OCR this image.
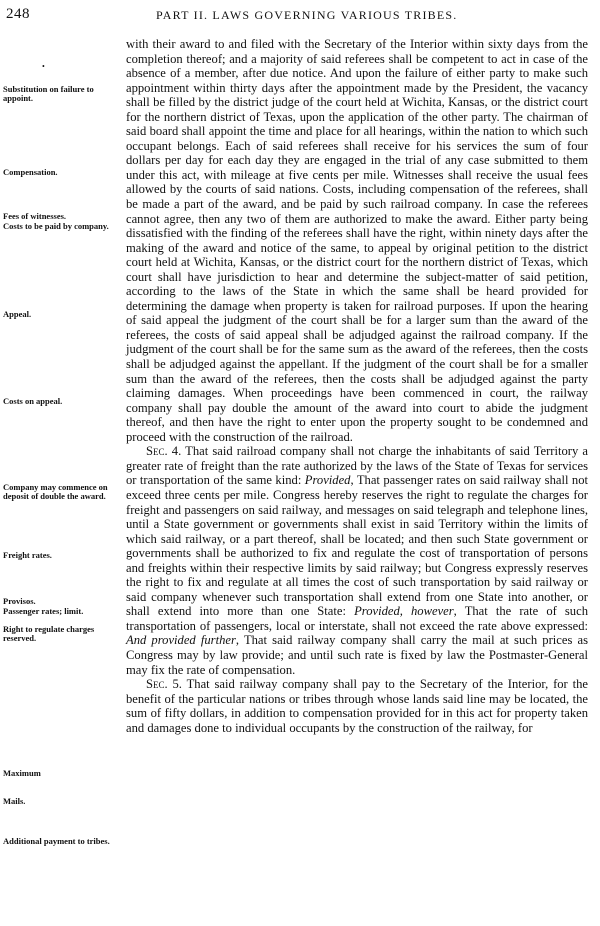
248	PART II. LAWS GOVERNING VARIOUS TRIBES.
•
Substitution on failure to appoint.
Compensation.
Fees of witnesses.
Costs to be paid by company.
Appeal.
Costs on appeal.
Company may commence on deposit of double the award.
Freight rates.
Provisos.
Passenger rates; limit.
Right to regulate charges reserved.
Maximum
Mails.
Additional payment to tribes.

with their award to and filed with the Secretary of the Interior within sixty days from the completion thereof; and a majority of said referees shall be competent to act in case of the absence of a member, after due notice. And upon the failure of either party to make such appointment within thirty days after the appointment made by the President, the vacancy shall be filled by the district judge of the court held at Wichita, Kansas, or the district court for the northern district of Texas, upon the application of the other party. The chairman of said board shall appoint the time and place for all hearings, within the nation to which such occupant belongs. Each of said referees shall receive for his services the sum of four dollars per day for each day they are engaged in the trial of any case submitted to them under this act, with mileage at five cents per mile. Witnesses shall receive the usual fees allowed by the courts of said nations. Costs, including compensation of the referees, shall be made a part of the award, and be paid by such railroad company. In case the referees cannot agree, then any two of them are authorized to make the award. Either party being dissatisfied with the finding of the referees shall have the right, within ninety days after the making of the award and notice of the same, to appeal by original petition to the district court held at Wichita, Kansas, or the district court for the northern district of Texas, which court shall have jurisdiction to hear and determine the subject-matter of said petition, according to the laws of the State in which the same shall be heard provided for determining the damage when property is taken for railroad purposes. If upon the hearing of said appeal the judgment of the court shall be for a larger sum than the award of the referees, the costs of said appeal shall be adjudged against the railroad company. If the judgment of the court shall be for the same sum as the award of the referees, then the costs shall be adjudged against the appellant. If the judgment of the court shall be for a smaller sum than the award of the referees, then the costs shall be adjudged against the party claiming damages. When proceedings have been commenced in court, the railway company shall pay double the amount of the award into court to abide the judgment thereof, and then have the right to enter upon the property sought to be condemned and proceed with the construction of the railroad.

Sec. 4. That said railroad company shall not charge the inhabitants of said Territory a greater rate of freight than the rate authorized by the laws of the State of Texas for services or transportation of the same kind: Provided, That passenger rates on said railway shall not exceed three cents per mile. Congress hereby reserves the right to regulate the charges for freight and passengers on said railway, and messages on said telegraph and telephone lines, until a State government or governments shall exist in said Territory within the limits of which said railway, or a part thereof, shall be located; and then such State government or governments shall be authorized to fix and regulate the cost of transportation of persons and freights within their respective limits by said railway; but Congress expressly reserves the right to fix and regulate at all times the cost of such transportation by said railway or said company whenever such transportation shall extend from one State into another, or shall extend into more than one State: Provided, however, That the rate of such transportation of passengers, local or interstate, shall not exceed the rate above expressed: And provided further, That said railway company shall carry the mail at such prices as Congress may by law provide; and until such rate is fixed by law the Postmaster-General may fix the rate of compensation.

Sec. 5. That said railway company shall pay to the Secretary of the Interior, for the benefit of the particular nations or tribes through whose lands said line may be located, the sum of fifty dollars, in addition to compensation provided for in this act for property taken and damages done to individual occupants by the construction of the railway, for
